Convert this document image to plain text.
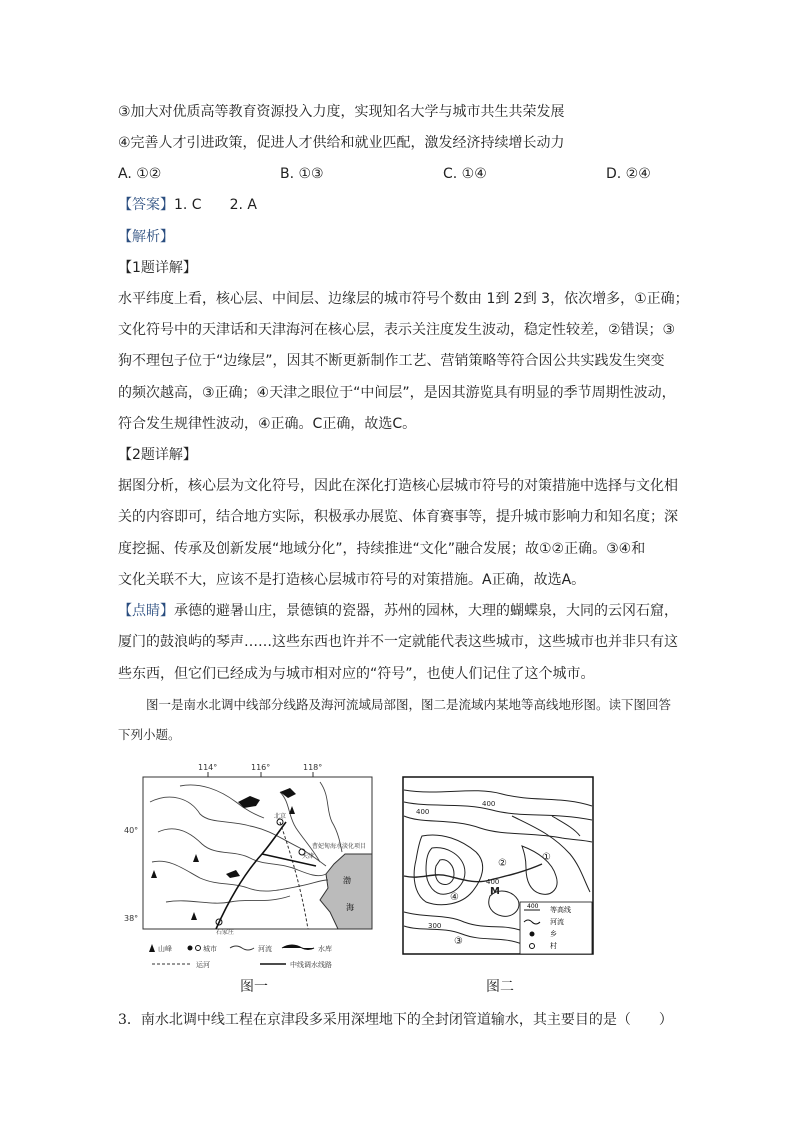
③加大对优质高等教育资源投入力度，实现知名大学与城市共生共荣发展
④完善人才引进政策，促进人才供给和就业匹配，激发经济持续增长动力
A. ①②	B. ①③	C. ①④	D. ②④
【答案】1. C　　2. A
【解析】
【1题详解】
水平纬度上看，核心层、中间层、边缘层的城市符号个数由 1到 2到 3，依次增多，①正确；
文化符号中的天津话和天津海河在核心层，表示关注度发生波动，稳定性较差，②错误；③
狗不理包子位于“边缘层”，因其不断更新制作工艺、营销策略等符合因公共实践发生突变
的频次越高，③正确；④天津之眼位于“中间层”，是因其游览具有明显的季节周期性波动，
符合发生规律性波动，④正确。C正确，故选C。
【2题详解】
据图分析，核心层为文化符号，因此在深化打造核心层城市符号的对策措施中选择与文化相
关的内容即可，结合地方实际，积极承办展览、体育赛事等，提升城市影响力和知名度；深
度挖掘、传承及创新发展“地域分化”，持续推进“文化”融合发展；故①②正确。③④和
文化关联不大，应该不是打造核心层城市符号的对策措施。A正确，故选A。
【点睛】承德的避暑山庄，景德镇的瓷器，苏州的园林，大理的蝴蝶泉，大同的云冈石窟，
厦门的鼓浪屿的琴声……这些东西也许并不一定就能代表这些城市，这些城市也并非只有这
些东西，但它们已经成为与城市相对应的“符号”，也使人们记住了这个城市。
图一是南水北调中线部分线路及海河流域局部图，图二是流域内某地等高线地形图。读下图回答下列小题。
114°	116°	118°
40°
38°
渤
海
北京
天津
石家庄
曹妃甸海水淡化项目
山峰	城市	河流	水库
运河	中线调水线路
图一
400
400
400
300
M
①
②
③
④
400 等高线
河流
乡
村
图二
3．南水北调中线工程在京津段多采用深埋地下的全封闭管道输水，其主要目的是（　　）
